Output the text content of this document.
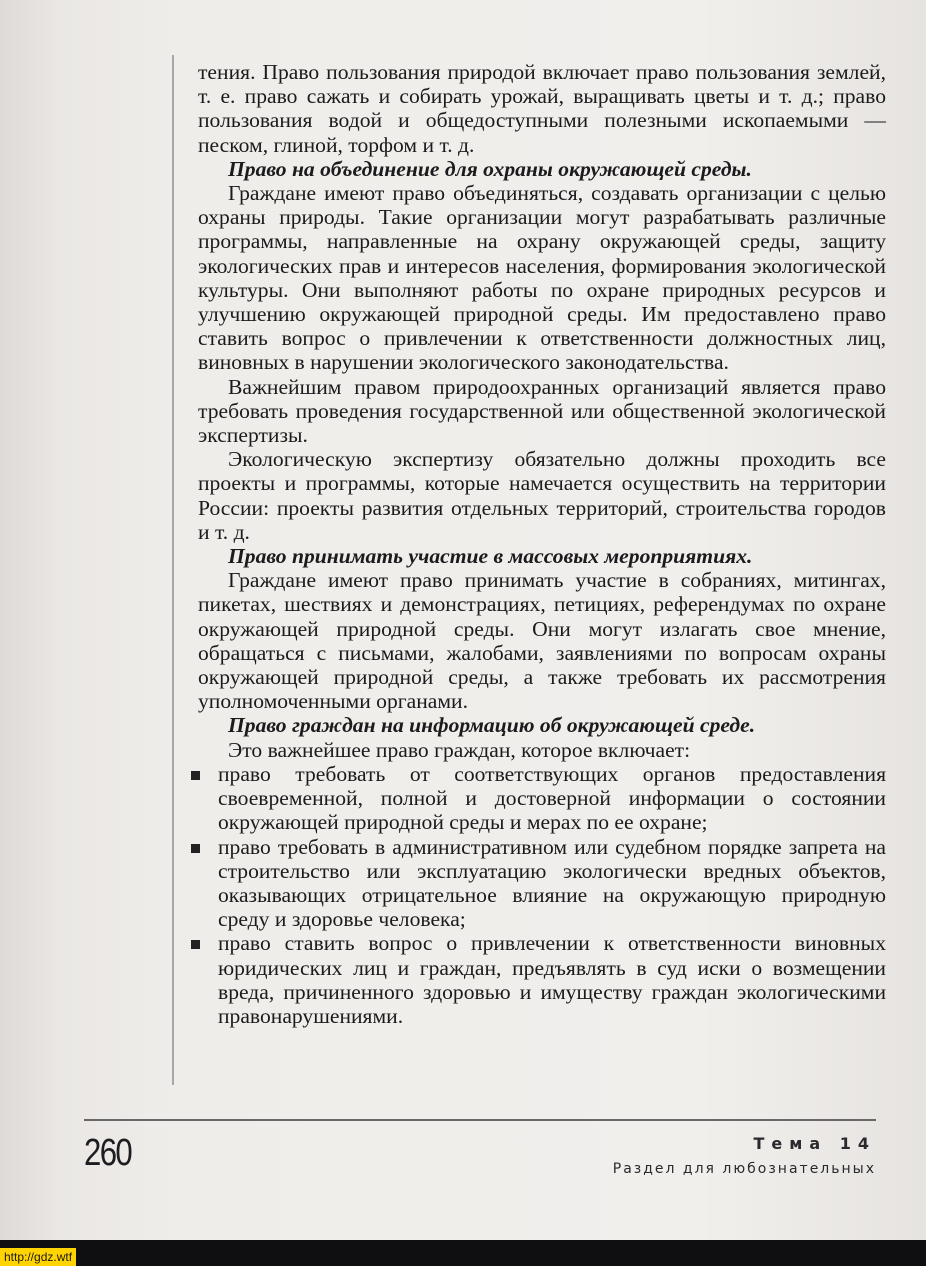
тения. Право пользования природой включает право пользования землей, т. е. право сажать и собирать урожай, выращивать цветы и т. д.; право пользования водой и общедоступными полезными ископаемыми — песком, глиной, торфом и т. д.

Право на объединение для охраны окружающей среды.

Граждане имеют право объединяться, создавать организации с целью охраны природы. Такие организации могут разрабатывать различные программы, направленные на охрану окружающей среды, защиту экологических прав и интересов населения, формирования экологической культуры. Они выполняют работы по охране природных ресурсов и улучшению окружающей природной среды. Им предоставлено право ставить вопрос о привлечении к ответственности должностных лиц, виновных в нарушении экологического законодательства.

Важнейшим правом природоохранных организаций является право требовать проведения государственной или общественной экологической экспертизы.

Экологическую экспертизу обязательно должны проходить все проекты и программы, которые намечается осуществить на территории России: проекты развития отдельных территорий, строительства городов и т. д.

Право принимать участие в массовых мероприятиях.

Граждане имеют право принимать участие в собраниях, митингах, пикетах, шествиях и демонстрациях, петициях, референдумах по охране окружающей природной среды. Они могут излагать свое мнение, обращаться с письмами, жалобами, заявлениями по вопросам охраны окружающей природной среды, а также требовать их рассмотрения уполномоченными органами.

Право граждан на информацию об окружающей среде.

Это важнейшее право граждан, которое включает:

право требовать от соответствующих органов предоставления своевременной, полной и достоверной информации о состоянии окружающей природной среды и мерах по ее охране;
право требовать в административном или судебном порядке запрета на строительство или эксплуатацию экологически вредных объектов, оказывающих отрицательное влияние на окружающую природную среду и здоровье человека;
право ставить вопрос о привлечении к ответственности виновных юридических лиц и граждан, предъявлять в суд иски о возмещении вреда, причиненного здоровью и имуществу граждан экологическими правонарушениями.
260	Тема 14
Раздел для любознательных
http://gdz.wtf
